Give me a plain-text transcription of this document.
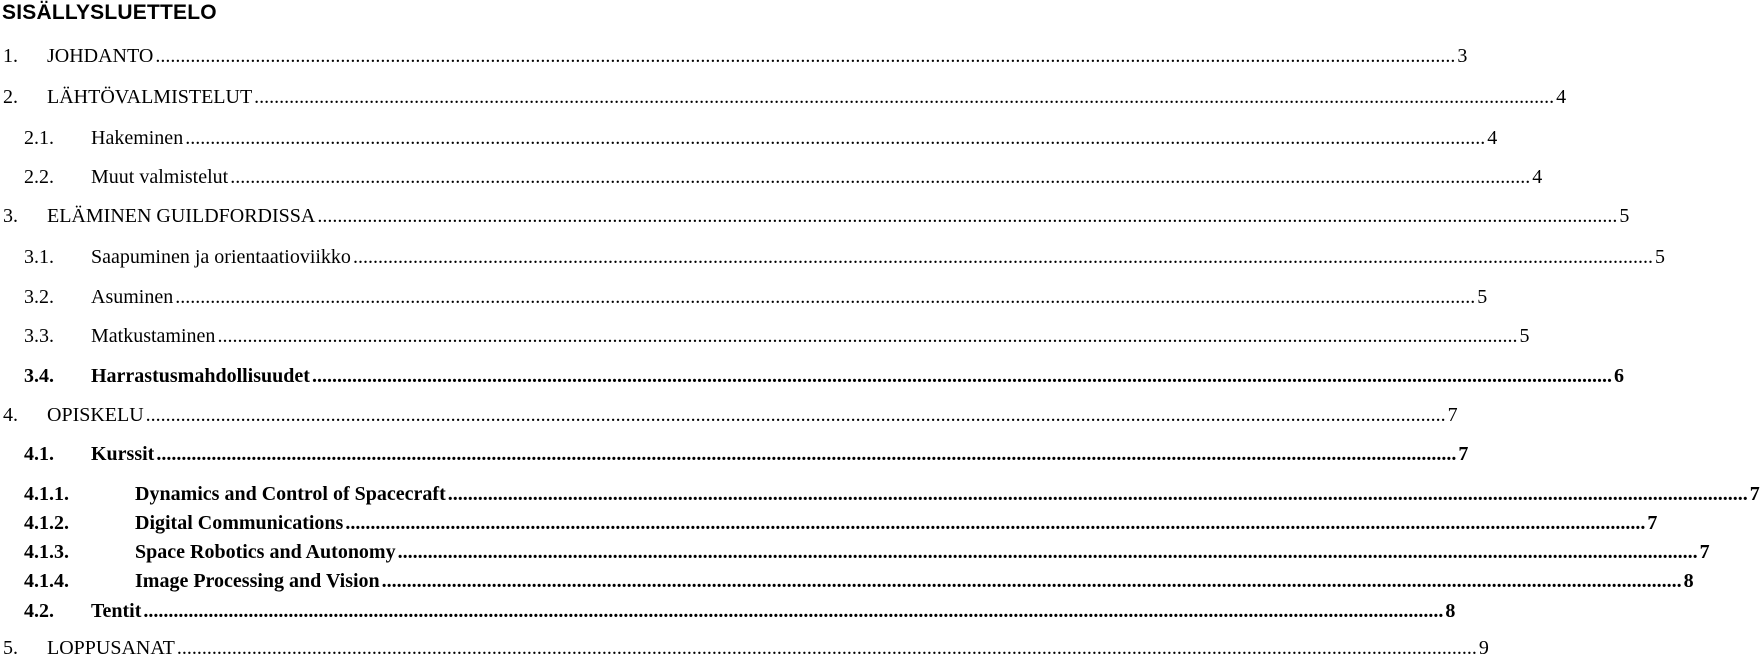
SISÄLLYSLUETTELO
1. JOHDANTO .................................................................................................................................................................................................................................................................... 3
2. LÄHTÖVALMISTELUT .................................................................................................................................................................................................................................................................... 4
2.1. Hakeminen .................................................................................................................................................................................................................................................................... 4
2.2. Muut valmistelut .................................................................................................................................................................................................................................................................... 4
3. ELÄMINEN GUILDFORDISSA .................................................................................................................................................................................................................................................................... 5
3.1. Saapuminen ja orientaatioviikko .................................................................................................................................................................................................................................................................... 5
3.2. Asuminen .................................................................................................................................................................................................................................................................... 5
3.3. Matkustaminen .................................................................................................................................................................................................................................................................... 5
3.4. Harrastusmahdollisuudet .................................................................................................................................................................................................................................................................... 6
4. OPISKELU .................................................................................................................................................................................................................................................................... 7
4.1. Kurssit .................................................................................................................................................................................................................................................................... 7
4.1.1.	Dynamics and Control of Spacecraft .................................................................................................................................................................................................................................................................... 7
4.1.2.	Digital Communications .................................................................................................................................................................................................................................................................... 7
4.1.3.	Space Robotics and Autonomy .................................................................................................................................................................................................................................................................... 7
4.1.4.	Image Processing and Vision .................................................................................................................................................................................................................................................................... 8
4.2. Tentit .................................................................................................................................................................................................................................................................... 8
5. LOPPUSANAT .................................................................................................................................................................................................................................................................... 9
